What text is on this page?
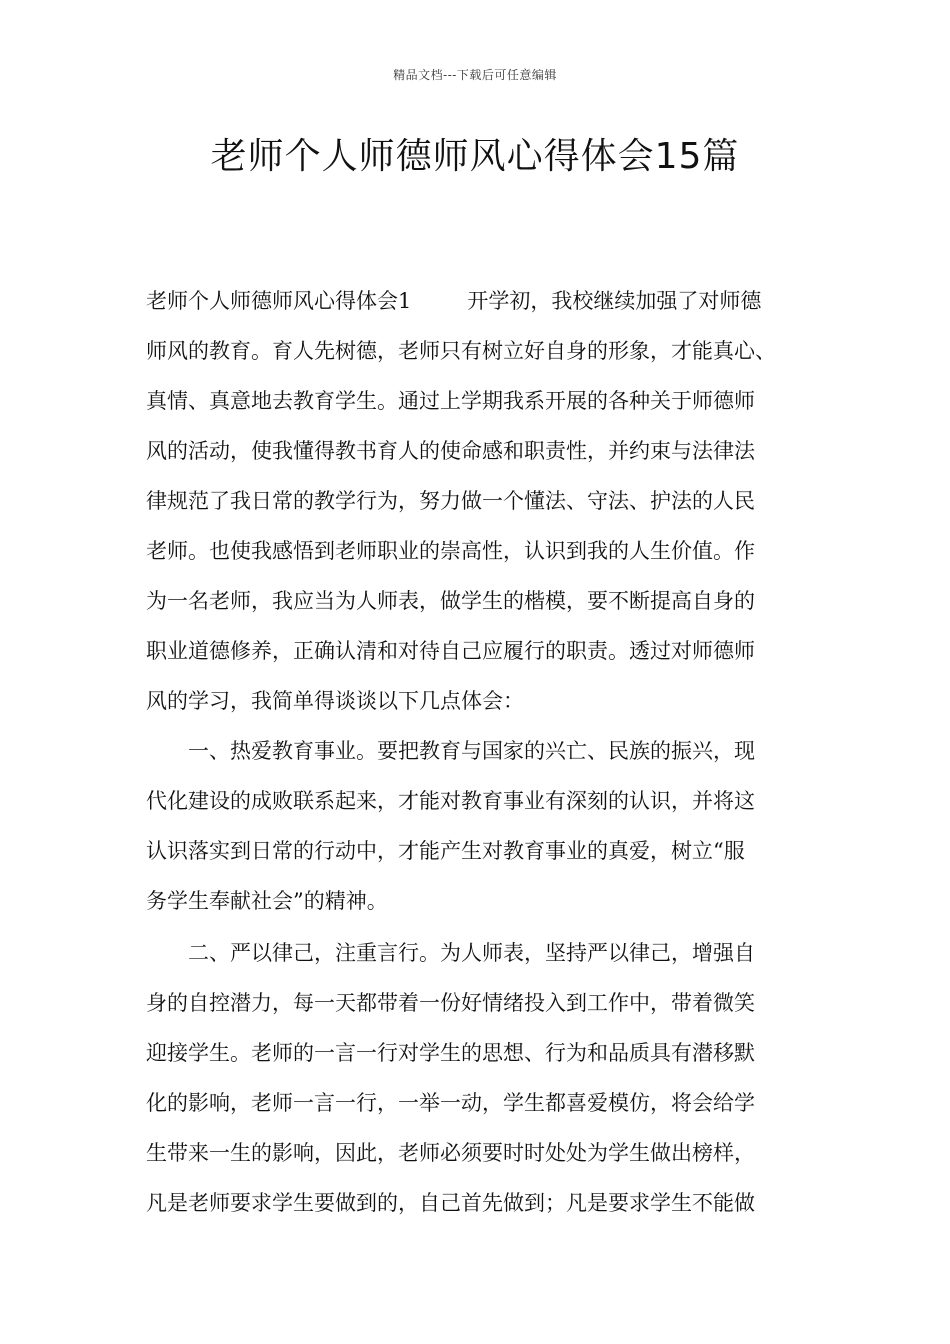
精品文档---下载后可任意编辑
老师个人师德师风心得体会15篇
老师个人师德师风心得体会1	开学初，我校继续加强了对师德
师风的教育。育人先树德，老师只有树立好自身的形象，才能真心、
真情、真意地去教育学生。通过上学期我系开展的各种关于师德师
风的活动，使我懂得教书育人的使命感和职责性，并约束与法律法
律规范了我日常的教学行为，努力做一个懂法、守法、护法的人民
老师。也使我感悟到老师职业的崇高性，认识到我的人生价值。作
为一名老师，我应当为人师表，做学生的楷模，要不断提高自身的
职业道德修养，正确认清和对待自己应履行的职责。透过对师德师
风的学习，我简单得谈谈以下几点体会：
　　一、热爱教育事业。要把教育与国家的兴亡、民族的振兴，现
代化建设的成败联系起来，才能对教育事业有深刻的认识，并将这
认识落实到日常的行动中，才能产生对教育事业的真爱，树立“服
务学生奉献社会”的精神。
　　二、严以律己，注重言行。为人师表，坚持严以律己，增强自
身的自控潜力，每一天都带着一份好情绪投入到工作中，带着微笑
迎接学生。老师的一言一行对学生的思想、行为和品质具有潜移默
化的影响，老师一言一行，一举一动，学生都喜爱模仿，将会给学
生带来一生的影响，因此，老师必须要时时处处为学生做出榜样，
凡是老师要求学生要做到的，自己首先做到；凡是要求学生不能做
